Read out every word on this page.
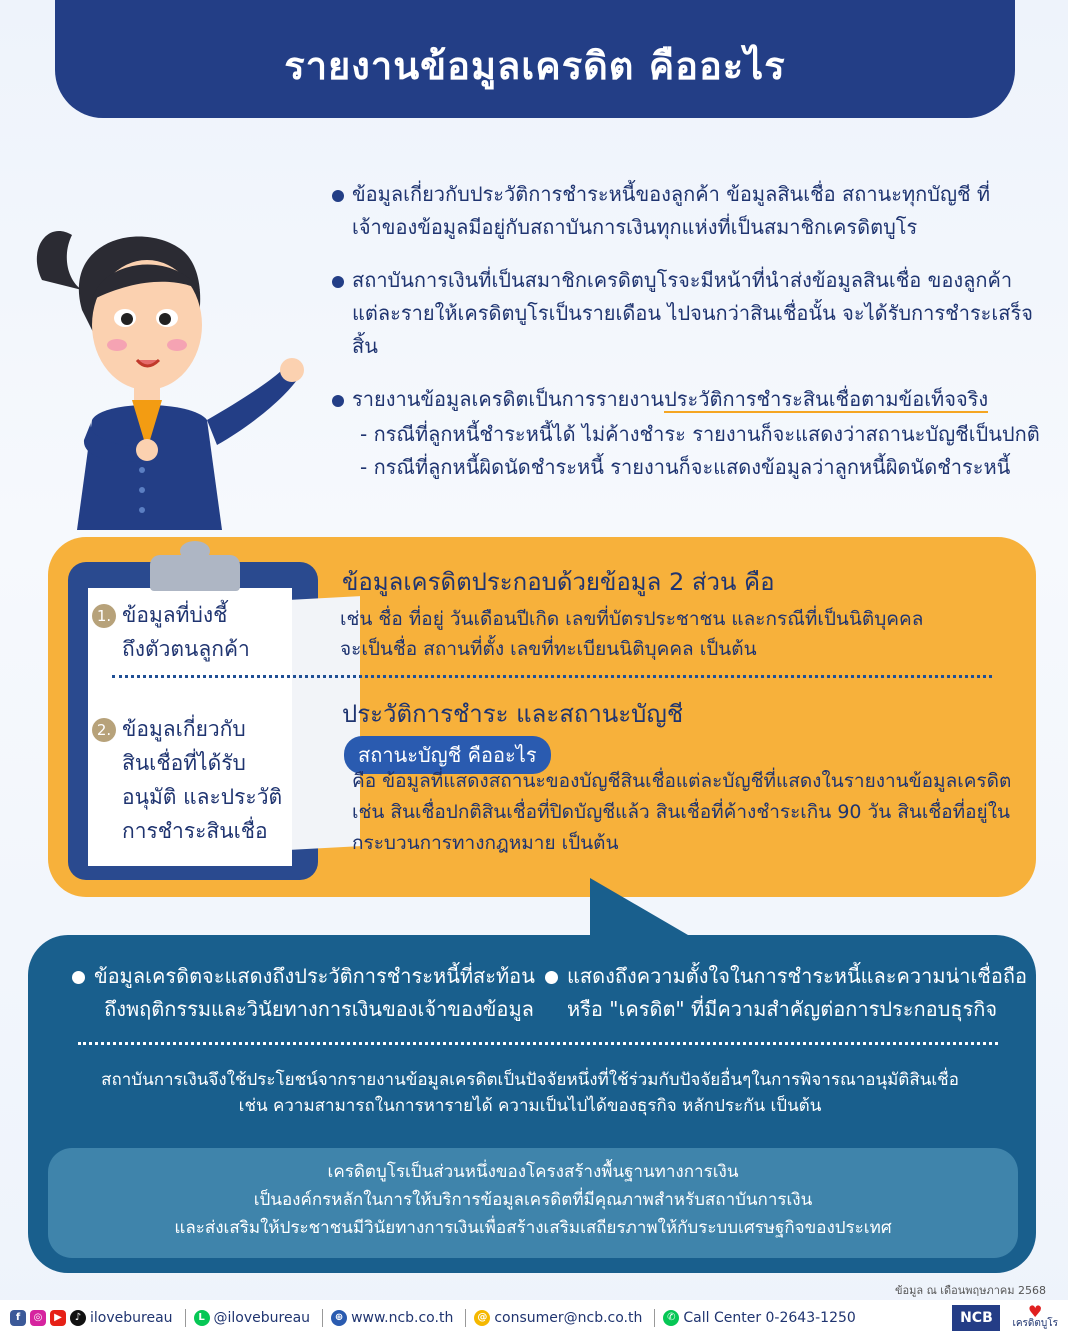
รายงานข้อมูลเครดิต คืออะไร
ข้อมูลเกี่ยวกับประวัติการชำระหนี้ของลูกค้า ข้อมูลสินเชื่อ สถานะทุกบัญชี ที่เจ้าของข้อมูลมีอยู่กับสถาบันการเงินทุกแห่งที่เป็นสมาชิกเครดิตบูโร
สถาบันการเงินที่เป็นสมาชิกเครดิตบูโรจะมีหน้าที่นำส่งข้อมูลสินเชื่อ ของลูกค้าแต่ละรายให้เครดิตบูโรเป็นรายเดือน ไปจนกว่าสินเชื่อนั้น จะได้รับการชำระเสร็จสิ้น
รายงานข้อมูลเครดิตเป็นการรายงานประวัติการชำระสินเชื่อตามข้อเท็จจริง

- กรณีที่ลูกหนี้ชำระหนี้ได้ ไม่ค้างชำระ รายงานก็จะแสดงว่าสถานะบัญชีเป็นปกติ

- กรณีที่ลูกหนี้ผิดนัดชำระหนี้ รายงานก็จะแสดงข้อมูลว่าลูกหนี้ผิดนัดชำระหนี้

1. ข้อมูลที่บ่งชี้
ถึงตัวตนลูกค้า
2. ข้อมูลเกี่ยวกับ
สินเชื่อที่ได้รับ
อนุมัติ และประวัติ
การชำระสินเชื่อ
ข้อมูลเครดิตประกอบด้วยข้อมูล 2 ส่วน คือ
เช่น ชื่อ ที่อยู่ วันเดือนปีเกิด เลขที่บัตรประชาชน และกรณีที่เป็นนิติบุคคล
จะเป็นชื่อ สถานที่ตั้ง เลขที่ทะเบียนนิติบุคคล เป็นต้น
ประวัติการชำระ และสถานะบัญชี
สถานะบัญชี คืออะไร
คือ ข้อมูลที่แสดงสถานะของบัญชีสินเชื่อแต่ละบัญชีที่แสดงในรายงานข้อมูลเครดิต
เช่น สินเชื่อปกติสินเชื่อที่ปิดบัญชีแล้ว สินเชื่อที่ค้างชำระเกิน 90 วัน สินเชื่อที่อยู่ใน
กระบวนการทางกฎหมาย เป็นต้น
ข้อมูลเครดิตจะแสดงถึงประวัติการชำระหนี้ที่สะท้อน
ถึงพฤติกรรมและวินัยทางการเงินของเจ้าของข้อมูล
แสดงถึงความตั้งใจในการชำระหนี้และความน่าเชื่อถือ
หรือ "เครดิต" ที่มีความสำคัญต่อการประกอบธุรกิจ
สถาบันการเงินจึงใช้ประโยชน์จากรายงานข้อมูลเครดิตเป็นปัจจัยหนึ่งที่ใช้ร่วมกับปัจจัยอื่นๆในการพิจารณาอนุมัติสินเชื่อ
เช่น ความสามารถในการหารายได้ ความเป็นไปได้ของธุรกิจ หลักประกัน เป็นต้น
เครดิตบูโรเป็นส่วนหนึ่งของโครงสร้างพื้นฐานทางการเงิน
เป็นองค์กรหลักในการให้บริการข้อมูลเครดิตที่มีคุณภาพสำหรับสถาบันการเงิน
และส่งเสริมให้ประชาชนมีวินัยทางการเงินเพื่อสร้างเสริมเสถียรภาพให้กับระบบเศรษฐกิจของประเทศ
ข้อมูล ณ เดือนพฤษภาคม 2568
f	◎	▶	♪ ilovebureau	L @ilovebureau	⊕ www.ncb.co.th	@ consumer@ncb.co.th	✆ Call Center 0-2643-1250	NCB	♥
เครดิตบูโร
